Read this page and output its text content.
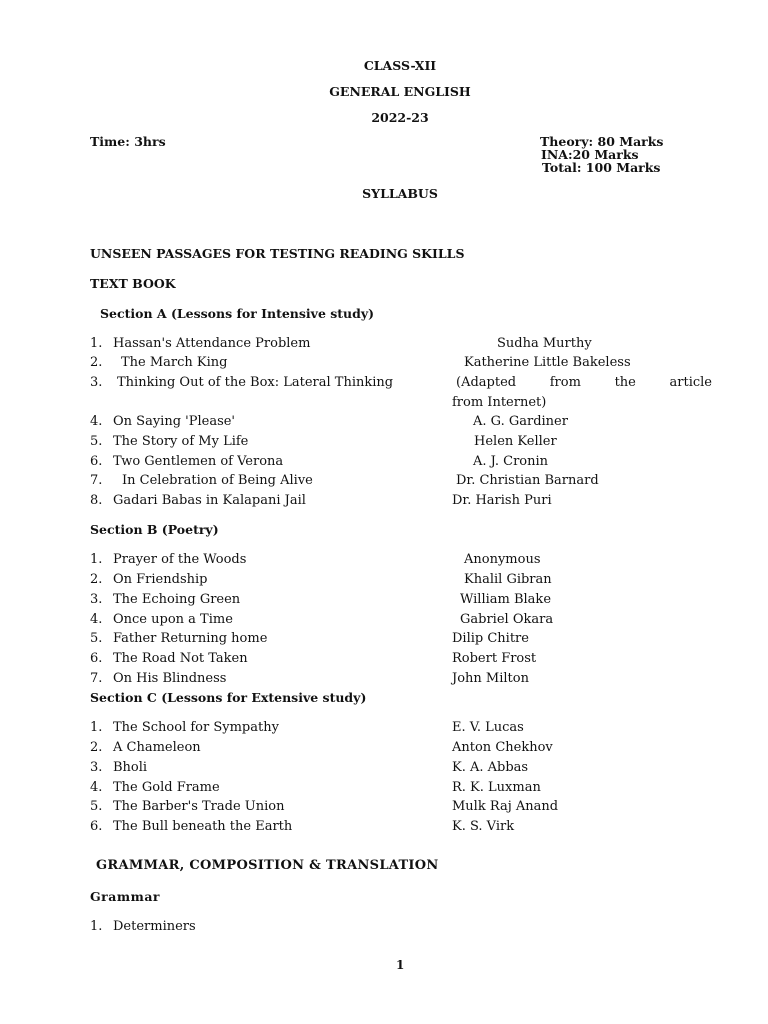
CLASS-XII
GENERAL ENGLISH
2022-23
Time: 3hrs	Theory: 80 Marks
INA:20 Marks
Total: 100 Marks
SYLLABUS
UNSEEN PASSAGES FOR TESTING READING SKILLS
TEXT BOOK
Section A (Lessons for Intensive study)
1. Hassan's Attendance Problem	Sudha Murthy
2. The March King	Katherine Little Bakeless
3. Thinking Out of the Box: Lateral Thinking	(Adapted	from	the	article
from Internet)
4. On Saying 'Please'	A. G. Gardiner
5. The Story of My Life	Helen Keller
6. Two Gentlemen of Verona	A. J. Cronin
7. In Celebration of Being Alive	Dr. Christian Barnard
8. Gadari Babas in Kalapani Jail	Dr. Harish Puri
Section B (Poetry)
1. Prayer of the Woods	Anonymous
2. On Friendship	Khalil Gibran
3. The Echoing Green	William Blake
4. Once upon a Time	Gabriel Okara
5. Father Returning home	Dilip Chitre
6. The Road Not Taken	Robert Frost
7. On His Blindness	John Milton
Section C (Lessons for Extensive study)
1. The School for Sympathy	E. V. Lucas
2. A Chameleon	Anton Chekhov
3. Bholi	K. A. Abbas
4. The Gold Frame	R. K. Luxman
5. The Barber's Trade Union	Mulk Raj Anand
6. The Bull beneath the Earth	K. S. Virk
GRAMMAR, COMPOSITION & TRANSLATION
Grammar
1. Determiners
1
